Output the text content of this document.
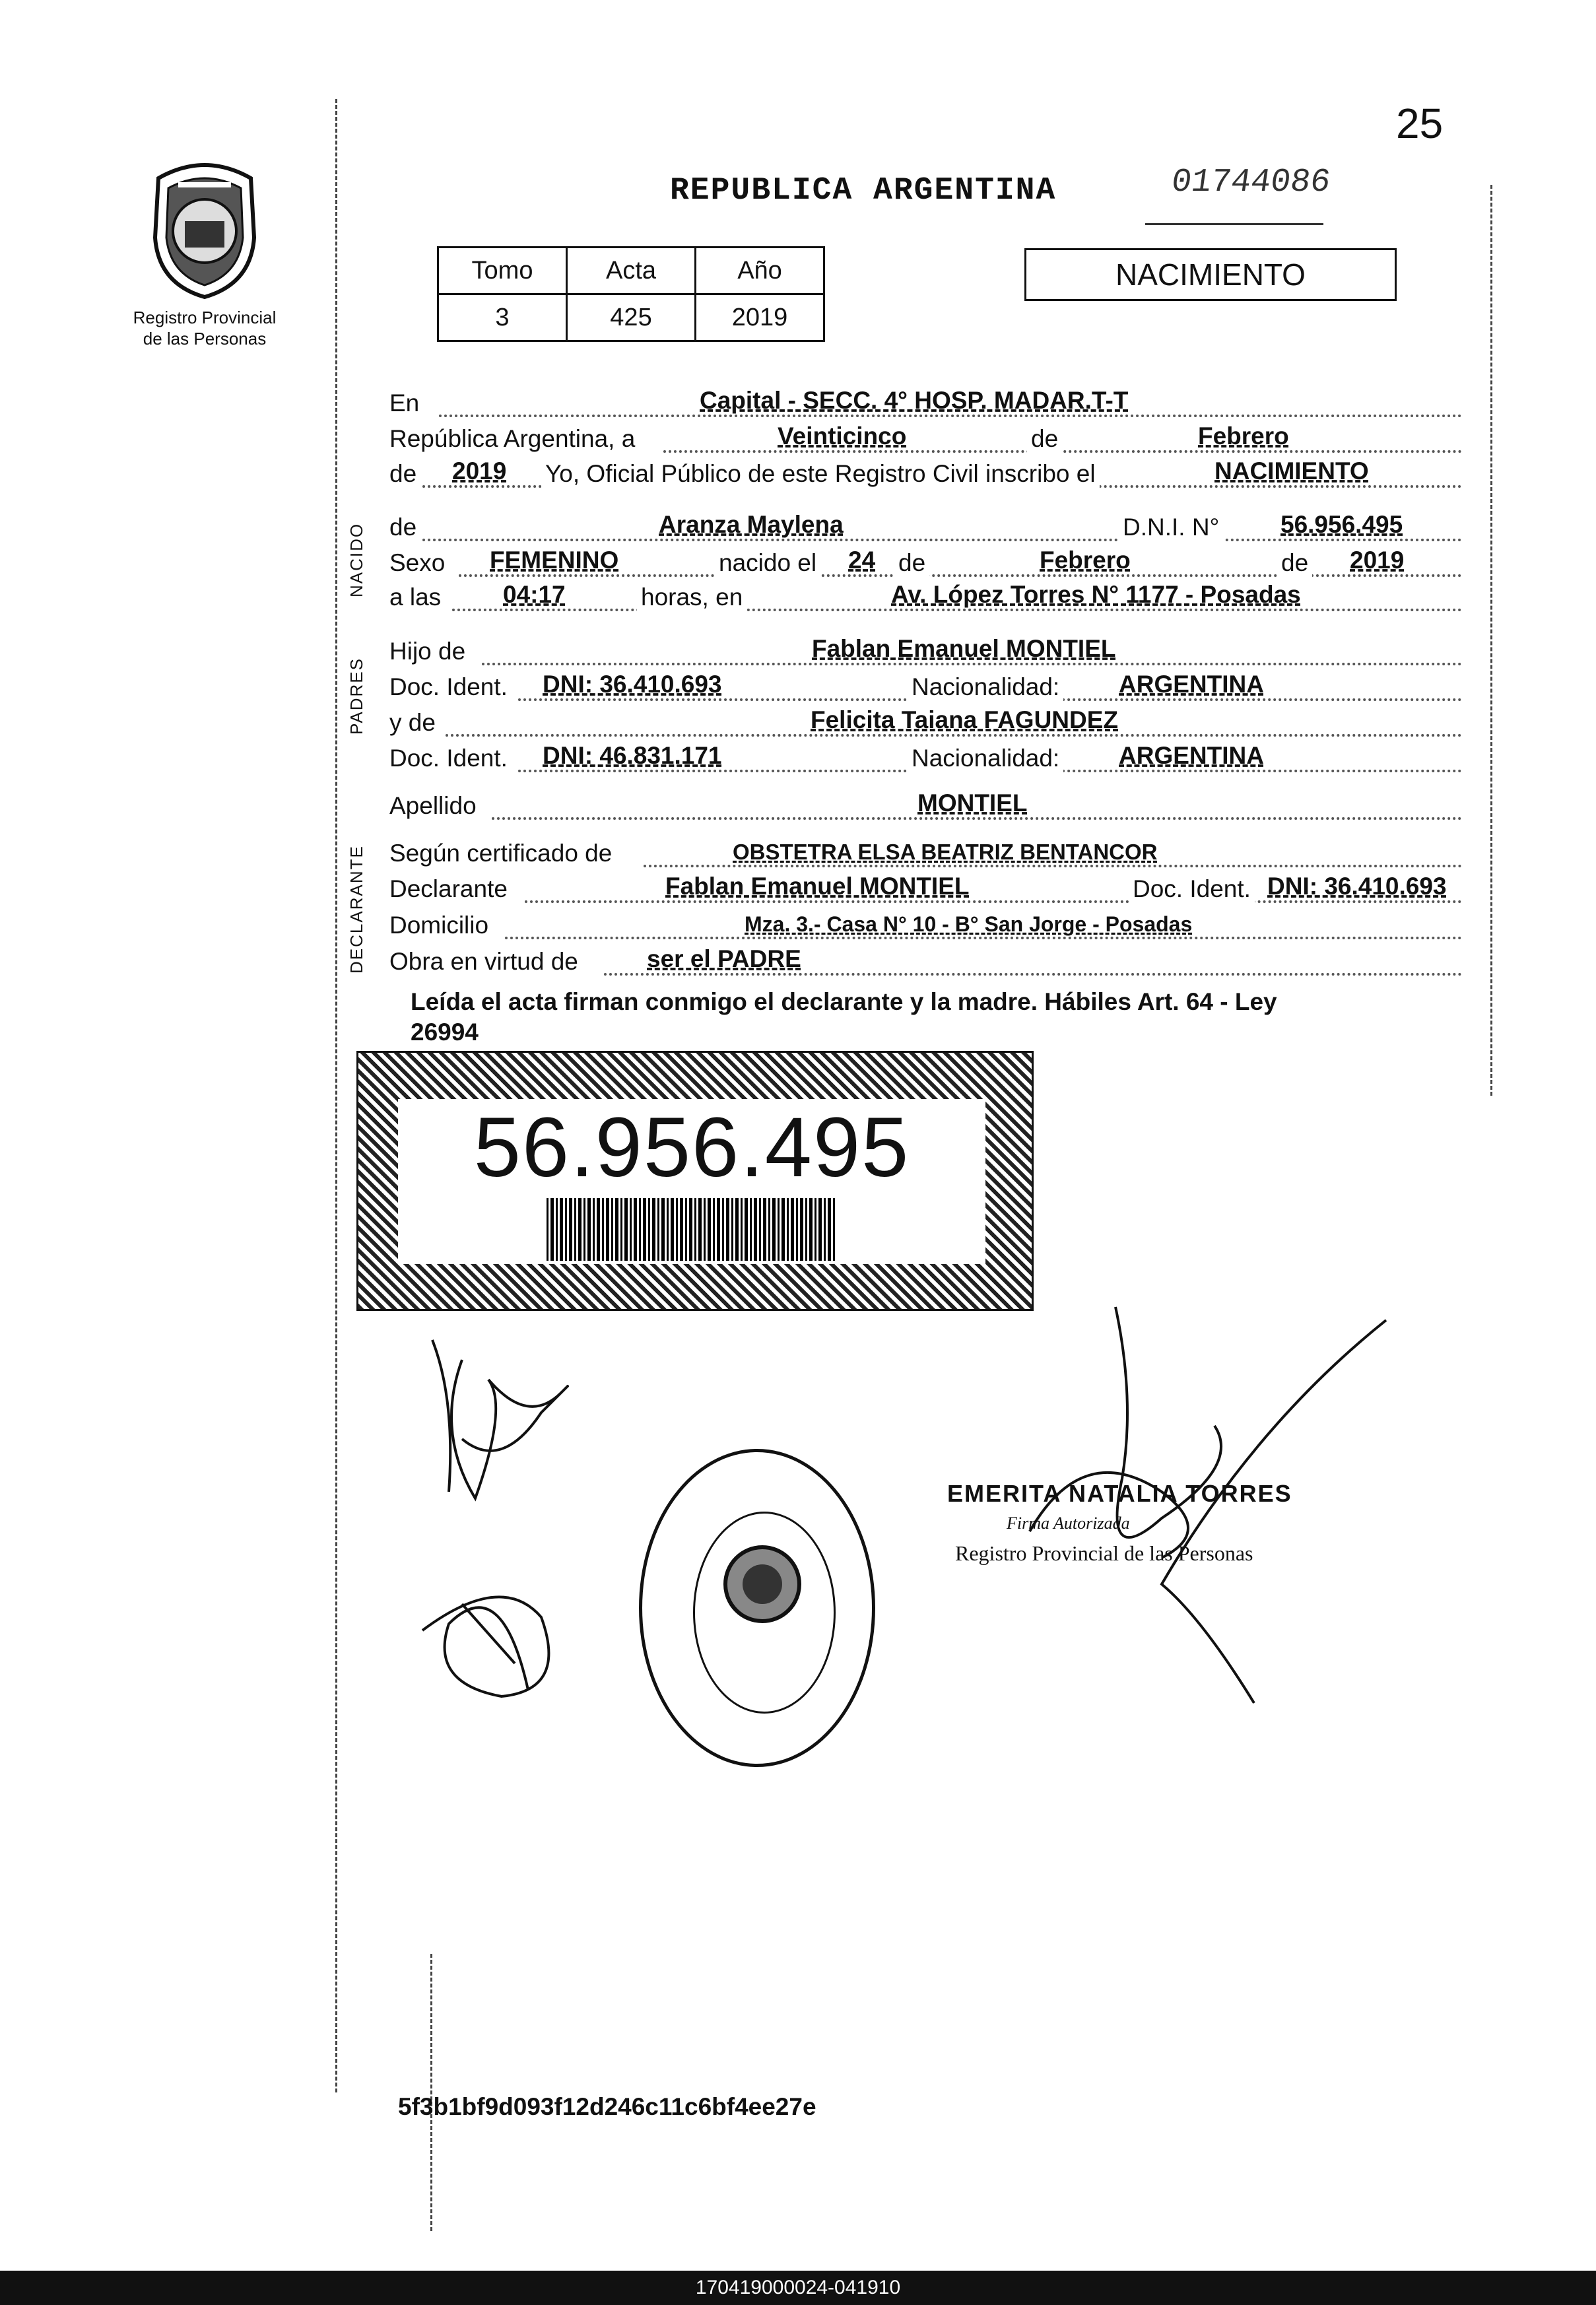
25
REPUBLICA ARGENTINA	01744086
Registro Provincial
de las Personas
Tomo	Acta	Año
3	425	2019
NACIMIENTO
NACIDO
PADRES
DECLARANTE
En	Capital - SECC. 4° HOSP. MADAR.T-T
República Argentina, a	Veinticinco	de	Febrero
de 2019 Yo, Oficial Público de este Registro Civil inscribo el	NACIMIENTO
de	Aranza Maylena	D.N.I. N°	56.956.495
Sexo FEMENINO	nacido el 24 de	Febrero	de 2019
a las	04:17	horas, en	Av. López Torres N° 1177 - Posadas
Hijo de	Fablan Emanuel MONTIEL
Doc. Ident. DNI: 36.410.693	Nacionalidad: ARGENTINA
y de	Felicita Taiana FAGUNDEZ
Doc. Ident. DNI: 46.831.171	Nacionalidad: ARGENTINA
Apellido	MONTIEL
Según certificado de	OBSTETRA ELSA BEATRIZ BENTANCOR
Declarante	Fablan Emanuel MONTIEL	Doc. Ident. DNI: 36.410.693
Domicilio	Mza. 3.- Casa N° 10 - B° San Jorge - Posadas
Obra en virtud de	ser el PADRE
Leída el acta firman conmigo el declarante y la madre. Hábiles Art. 64 - Ley
26994
56.956.495
EMERITA NATALIA TORRES
Firma Autorizada
Registro Provincial de las Personas
5f3b1bf9d093f12d246c11c6bf4ee27e
170419000024-041910
